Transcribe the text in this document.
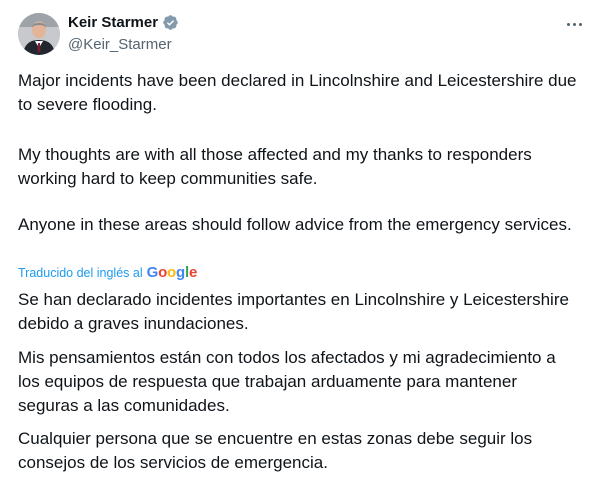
Keir Starmer
@Keir_Starmer
Major incidents have been declared in Lincolnshire and Leicestershire due to severe flooding.
My thoughts are with all those affected and my thanks to responders working hard to keep communities safe.
Anyone in these areas should follow advice from the emergency services.
Traducido del inglés al Google
Se han declarado incidentes importantes en Lincolnshire y Leicestershire debido a graves inundaciones.
Mis pensamientos están con todos los afectados y mi agradecimiento a los equipos de respuesta que trabajan arduamente para mantener seguras a las comunidades.
Cualquier persona que se encuentre en estas zonas debe seguir los consejos de los servicios de emergencia.
